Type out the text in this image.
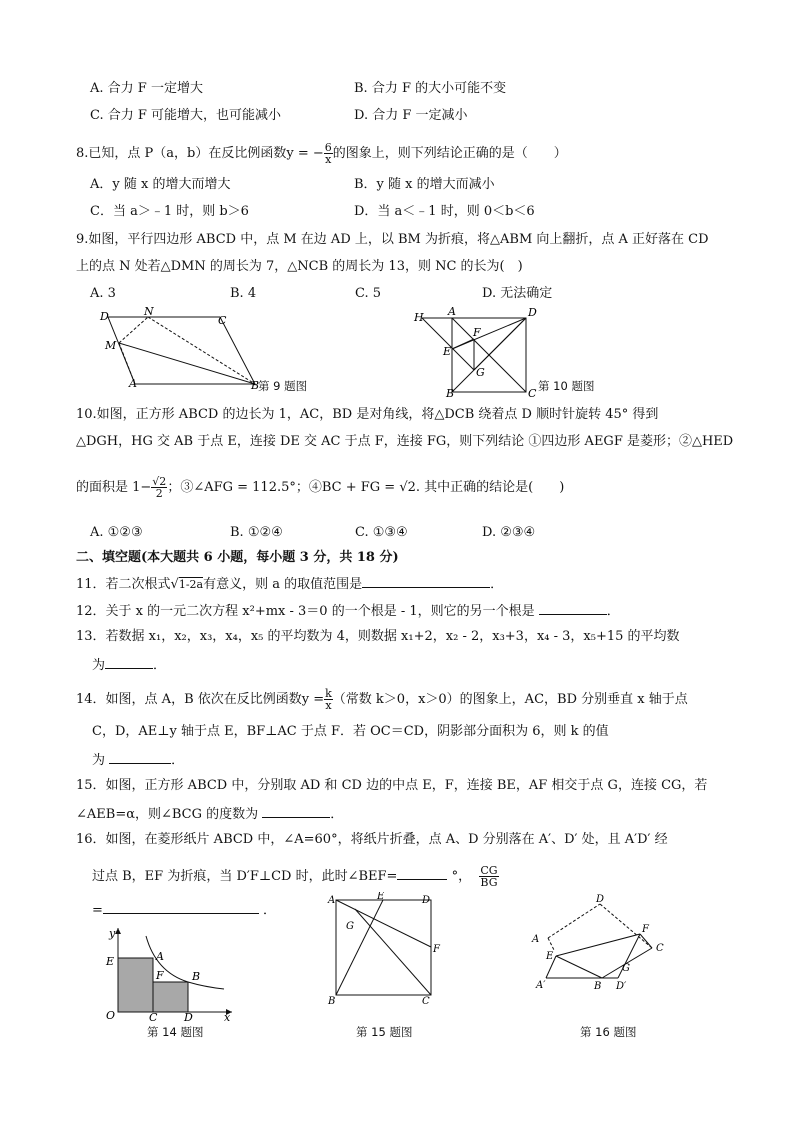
A. 合力 F 一定增大	B. 合力 F 的大小可能不变
C. 合力 F 可能增大，也可能减小	D. 合力 F 一定减小
8.已知，点 P（a，b）在反比例函数y = − $\frac{6}{x}$ 的图象上，则下列结论正确的是（　　）
A．y 随 x 的增大而增大	B．y 随 x 的增大而减小
C．当 a＞﹣1 时，则 b＞6	D．当 a＜﹣1 时，则 0＜b＜6
9.如图，平行四边形 ABCD 中，点 M 在边 AD 上，以 BM 为折痕，将△ABM 向上翻折，点 A 正好落在 CD
上的点 N 处若△DMN 的周长为 7，△NCB 的周长为 13，则 NC 的长为(　)
A. 3	B. 4	C. 5	D. 无法确定
D	N
C
M
A	B
第 9 题图
H A	D
F
E
G
B	C
第 10 题图
10.如图，正方形 ABCD 的边长为 1，AC，BD 是对角线，将△DCB 绕着点 D 顺时针旋转 45° 得到
△DGH，HG 交 AB 于点 E，连接 DE 交 AC 于点 F，连接 FG，则下列结论 ①四边形 AEGF 是菱形；②△HED
的面积是 $1- \frac{√2}{2}$ ；③∠AFG = 112.5°；④BC + FG = √2. 其中正确的结论是(　　)
A. ①②③	B. ①②④	C. ①③④	D. ②③④
二、填空题(本大题共 6 小题，每小题 3 分，共 18 分)
11．若二次根式√1-2a有意义，则 a 的取值范围是	．
12．关于 x 的一元二次方程 x²+mx - 3＝0 的一个根是 - 1，则它的另一个根是	．
13．若数据 x₁，x₂，x₃，x₄，x₅ 的平均数为 4，则数据 x₁+2，x₂ - 2，x₃+3，x₄ - 3，x₅+15 的平均数
为	．
14．如图，点 A，B 依次在反比例函数$y = \frac{k}{x}$ （常数 k＞0，x＞0）的图象上，AC，BD 分别垂直 x 轴于点
C，D，AE⊥y 轴于点 E，BF⊥AC 于点 F．若 OC＝CD，阴影部分面积为 6，则 k 的值
为	．
15．如图，正方形 ABCD 中，分别取 AD 和 CD 边的中点 E，F，连接 BE，AF 相交于点 G，连接 CG，若
∠AEB=α，则∠BCG 的度数为	．
16．如图，在菱形纸片 ABCD 中，∠A=60°，将纸片折叠，点 A、D 分别落在 A′、D′ 处，且 A′D′ 经
过点 B，EF 为折痕，当 D′F⊥CD 时，此时∠BEF=	°， $\frac{CG}{BG}$
=	．
y
E	A
F	B
O	C D	x
第 14 题图
A	E	D
G
F
B	C
第 15 题图
D
F
C
A
E
G
A′	B D′
第 16 题图
